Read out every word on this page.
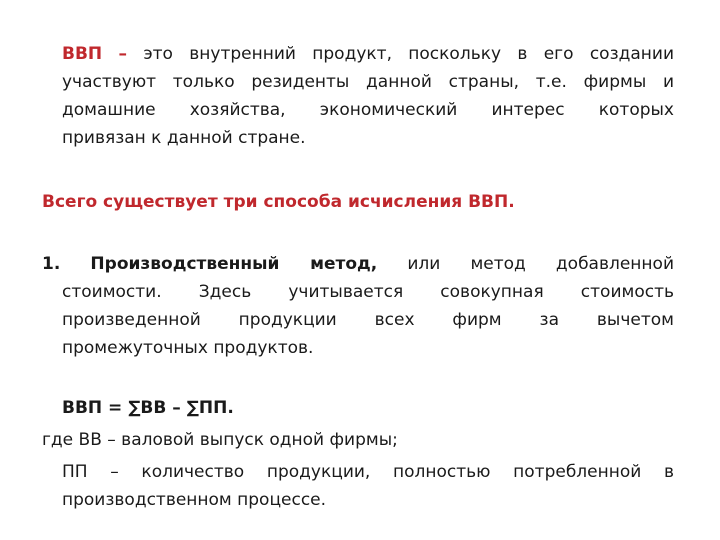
ВВП – это внутренний продукт, поскольку в его создании
участвуют только резиденты данной страны, т.е. фирмы и
домашние хозяйства, экономический интерес которых
привязан к данной стране.
Всего существует три способа исчисления ВВП.
1. Производственный метод, или метод добавленной
стоимости. Здесь учитывается совокупная стоимость
произведенной продукции всех фирм за вычетом
промежуточных продуктов.
ВВП = ∑ВВ – ∑ПП.
где ВВ – валовой выпуск одной фирмы;
ПП – количество продукции, полностью потребленной в
производственном процессе.
